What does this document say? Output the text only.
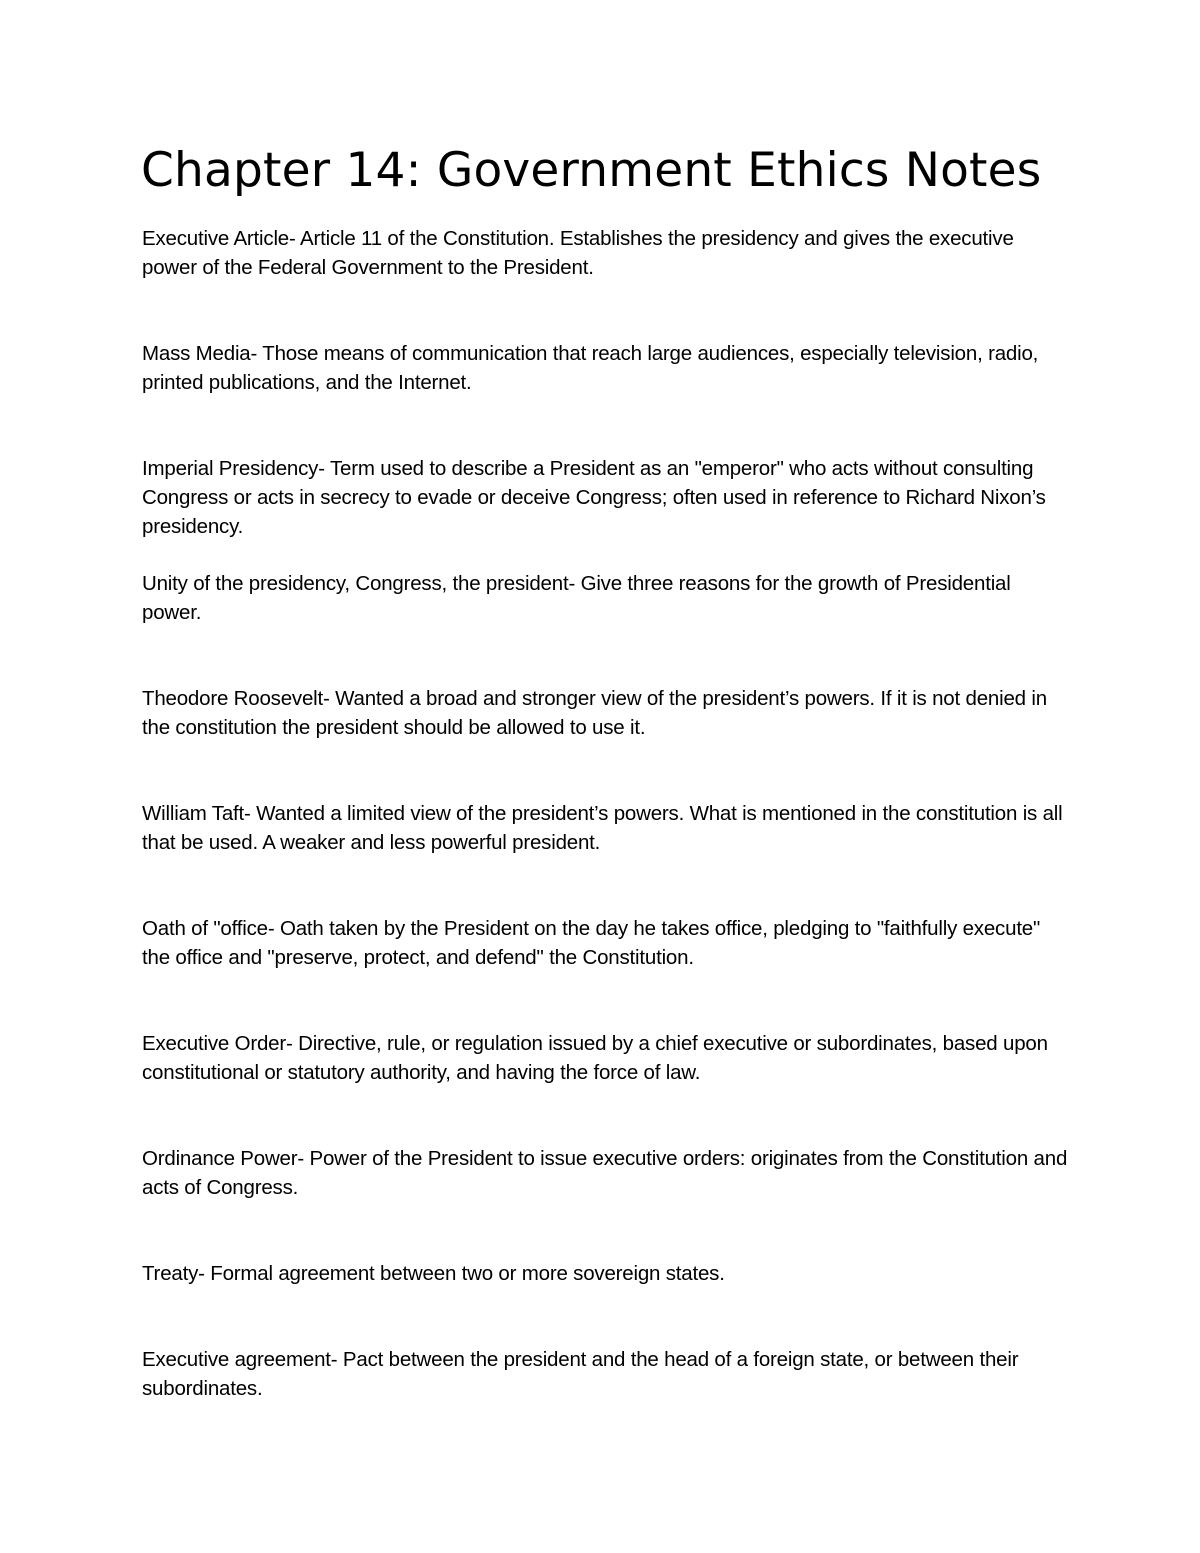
Chapter 14: Government Ethics Notes

Executive Article- Article 11 of the Constitution. Establishes the presidency and gives the executive power of the Federal Government to the President.

Mass Media- Those means of communication that reach large audiences, especially television, radio, printed publications, and the Internet.

Imperial Presidency- Term used to describe a President as an "emperor" who acts without consulting Congress or acts in secrecy to evade or deceive Congress; often used in reference to Richard Nixon’s presidency.

Unity of the presidency, Congress, the president- Give three reasons for the growth of Presidential power.

Theodore Roosevelt- Wanted a broad and stronger view of the president’s powers. If it is not denied in the constitution the president should be allowed to use it.

William Taft- Wanted a limited view of the president’s powers. What is mentioned in the constitution is all that be used. A weaker and less powerful president.

Oath of "office- Oath taken by the President on the day he takes office, pledging to "faithfully execute" the office and "preserve, protect, and defend" the Constitution.

Executive Order- Directive, rule, or regulation issued by a chief executive or subordinates, based upon constitutional or statutory authority, and having the force of law.

Ordinance Power- Power of the President to issue executive orders: originates from the Constitution and acts of Congress.

Treaty- Formal agreement between two or more sovereign states.

Executive agreement- Pact between the president and the head of a foreign state, or between their subordinates.
